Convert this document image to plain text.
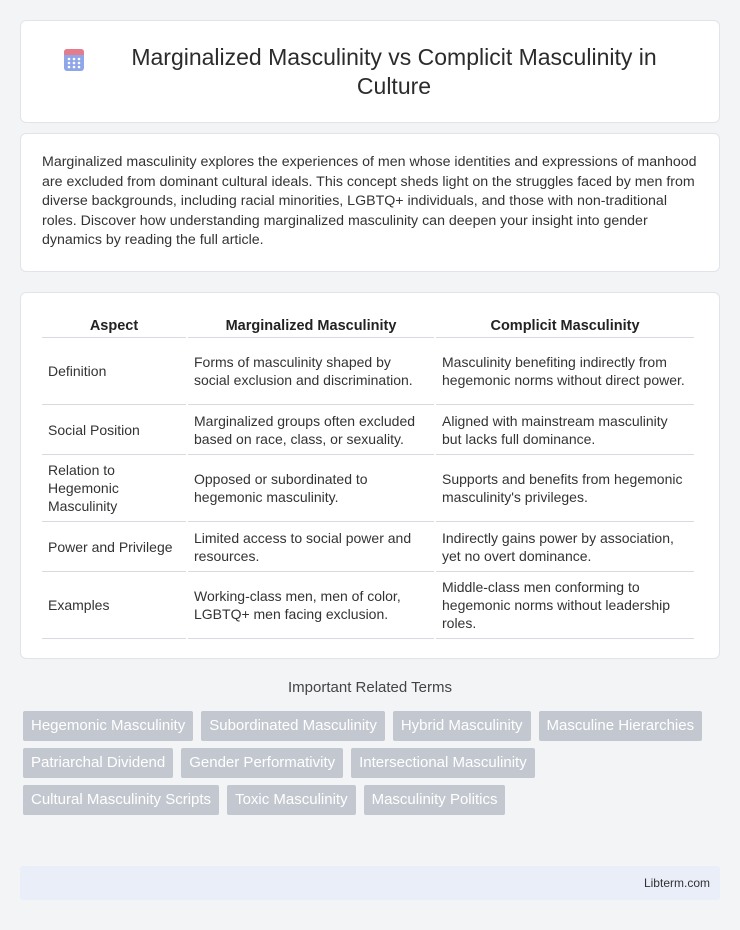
Marginalized Masculinity vs Complicit Masculinity in Culture

Marginalized masculinity explores the experiences of men whose identities and expressions of manhood are excluded from dominant cultural ideals. This concept sheds light on the struggles faced by men from diverse backgrounds, including racial minorities, LGBTQ+ individuals, and those with non-traditional roles. Discover how understanding marginalized masculinity can deepen your insight into gender dynamics by reading the full article.

Aspect	Marginalized Masculinity	Complicit Masculinity
Definition	Forms of masculinity shaped by social exclusion and discrimination.	Masculinity benefiting indirectly from hegemonic norms without direct power.
Social Position	Marginalized groups often excluded based on race, class, or sexuality.	Aligned with mainstream masculinity but lacks full dominance.
Relation to Hegemonic Masculinity	Opposed or subordinated to hegemonic masculinity.	Supports and benefits from hegemonic masculinity's privileges.
Power and Privilege	Limited access to social power and resources.	Indirectly gains power by association, yet no overt dominance.
Examples	Working-class men, men of color, LGBTQ+ men facing exclusion.	Middle-class men conforming to hegemonic norms without leadership roles.
Important Related Terms
Hegemonic Masculinity	Subordinated Masculinity	Hybrid Masculinity	Masculine Hierarchies
Patriarchal Dividend	Gender Performativity	Intersectional Masculinity
Cultural Masculinity Scripts	Toxic Masculinity	Masculinity Politics
Libterm.com
